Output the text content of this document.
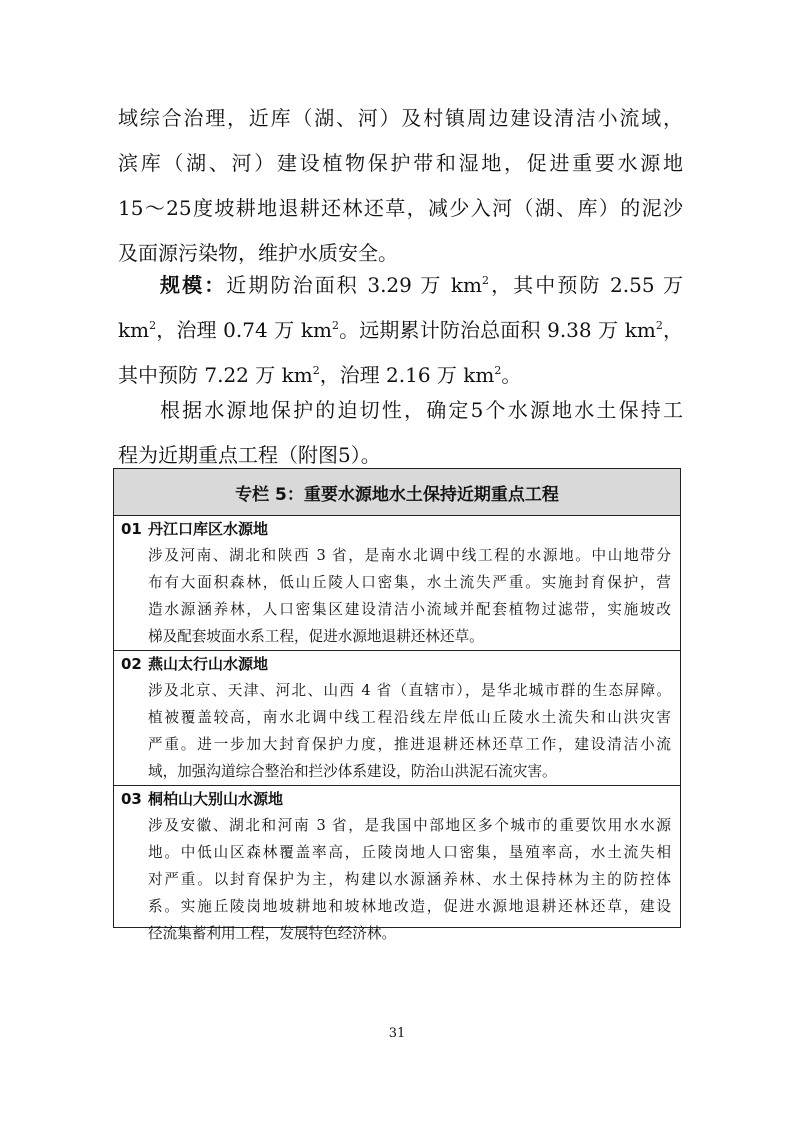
域综合治理，近库（湖、河）及村镇周边建设清洁小流域，
滨库（湖、河）建设植物保护带和湿地，促进重要水源地
15～25度坡耕地退耕还林还草，减少入河（湖、库）的泥沙
及面源污染物，维护水质安全。
规模：近期防治面积 3.29 万 $km^2$，其中预防 2.55 万
$km^2$，治理 0.74 万 $km^2$。远期累计防治总面积 9.38 万 $km^2$，
其中预防 7.22 万 $km^2$，治理 2.16 万 $km^2$。
根据水源地保护的迫切性，确定5个水源地水土保持工
程为近期重点工程（附图5）。
专栏 5：重要水源地水土保持近期重点工程
01 丹江口库区水源地
涉及河南、湖北和陕西 3 省，是南水北调中线工程的水源地。中山地带分
布有大面积森林，低山丘陵人口密集，水土流失严重。实施封育保护，营
造水源涵养林，人口密集区建设清洁小流域并配套植物过滤带，实施坡改
梯及配套坡面水系工程，促进水源地退耕还林还草。
02 燕山太行山水源地
涉及北京、天津、河北、山西 4 省（直辖市），是华北城市群的生态屏障。
植被覆盖较高，南水北调中线工程沿线左岸低山丘陵水土流失和山洪灾害
严重。进一步加大封育保护力度，推进退耕还林还草工作，建设清洁小流
域，加强沟道综合整治和拦沙体系建设，防治山洪泥石流灾害。
03 桐柏山大别山水源地
涉及安徽、湖北和河南 3 省，是我国中部地区多个城市的重要饮用水水源
地。中低山区森林覆盖率高，丘陵岗地人口密集，垦殖率高，水土流失相
对严重。以封育保护为主，构建以水源涵养林、水土保持林为主的防控体
系。实施丘陵岗地坡耕地和坡林地改造，促进水源地退耕还林还草，建设
径流集蓄利用工程，发展特色经济林。
31
